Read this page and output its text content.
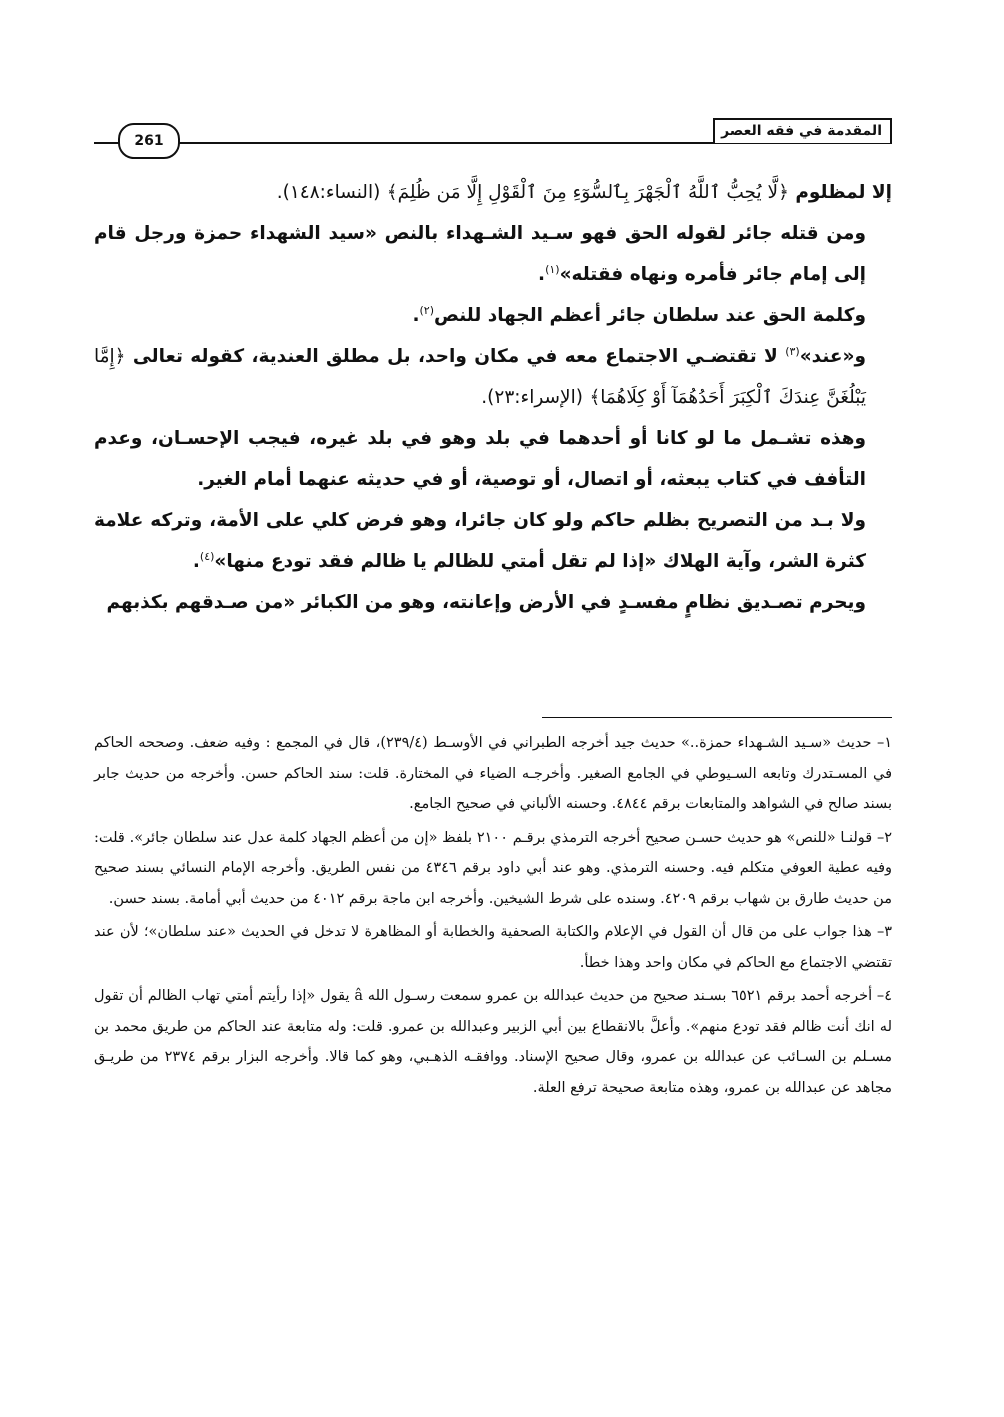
المقدمة في فقه العصر
261

إلا لمظلوم ﴿لَّا يُحِبُّ ٱللَّهُ ٱلْجَهْرَ بِٱلسُّوٓءِ مِنَ ٱلْقَوْلِ إِلَّا مَن ظُلِمَ﴾ (النساء:١٤٨).

ومن قتله جائر لقوله الحق فهو سـيد الشـهداء بالنص «سيد الشهداء حمزة ورجل قام إلى إمام جائر فأمره ونهاه فقتله»$^{(١)}$.

وكلمة الحق عند سلطان جائر أعظم الجهاد للنص$^{(٢)}$.

و«عند»$^{(٣)}$ لا تقتضـي الاجتماع معه في مكان واحد، بل مطلق العندية، كقوله تعالى ﴿إِمَّا يَبْلُغَنَّ عِندَكَ ٱلْكِبَرَ أَحَدُهُمَآ أَوْ كِلَاهُمَا﴾ (الإسراء:٢٣).

وهذه تشـمل ما لو كانا أو أحدهما في بلد وهو في بلد غيره، فيجب الإحسـان، وعدم التأفف في كتاب يبعثه، أو اتصال، أو توصية، أو في حديثه عنهما أمام الغير.

ولا بـد من التصريح بظلم حاكم ولو كان جائرا، وهو فرض كلي على الأمة، وتركه علامة كثرة الشر، وآية الهلاك «إذا لم تقل أمتي للظالم يا ظالم فقد تودع منها»$^{(٤)}$.

ويحرم تصـديق نظامٍ مفسـدٍ في الأرض وإعانته، وهو من الكبائر «من صـدقهم بكذبهم

١– حديث «سـيد الشـهداء حمزة..» حديث جيد أخرجه الطبراني في الأوسـط (٢٣٩/٤)، قال في المجمع : وفيه ضعف. وصححه الحاكم في المسـتدرك وتابعه السـيوطي في الجامع الصغير. وأخرجـه الضياء في المختارة. قلت: سند الحاكم حسن. وأخرجه من حديث جابر بسند صالح في الشواهد والمتابعات برقم ٤٨٤٤. وحسنه الألباني في صحيح الجامع.

٢– قولنـا «للنص» هو حديث حسـن صحيح أخرجه الترمذي برقـم ٢١٠٠ بلفظ «إن من أعظم الجهاد كلمة عدل عند سلطان جائر». قلت: وفيه عطية العوفي متكلم فيه. وحسنه الترمذي. وهو عند أبي داود برقم ٤٣٤٦ من نفس الطريق. وأخرجه الإمام النسائي بسند صحيح من حديث طارق بن شهاب برقم ٤٢٠٩. وسنده على شرط الشيخين. وأخرجه ابن ماجة برقم ٤٠١٢ من حديث أبي أمامة. بسند حسن.

٣– هذا جواب على من قال أن القول في الإعلام والكتابة الصحفية والخطابة أو المظاهرة لا تدخل في الحديث «عند سلطان»؛ لأن عند تقتضي الاجتماع مع الحاكم في مكان واحد وهذا خطأ.

٤– أخرجه أحمد برقم ٦٥٢١ بسـند صحيح من حديث عبدالله بن عمرو سمعت رسـول الله â يقول «إذا رأيتم أمتي تهاب الظالم أن تقول له انك أنت ظالم فقد تودع منهم». وأعلَّ بالانقطاع بين أبي الزبير وعبدالله بن عمرو. قلت: وله متابعة عند الحاكم من طريق محمد بن مسـلم بن السـائب عن عبدالله بن عمرو، وقال صحيح الإسناد. ووافقـه الذهـبي، وهو كما قالا. وأخرجه البزار برقم ٢٣٧٤ من طريـق مجاهد عن عبدالله بن عمرو، وهذه متابعة صحيحة ترفع العلة.
